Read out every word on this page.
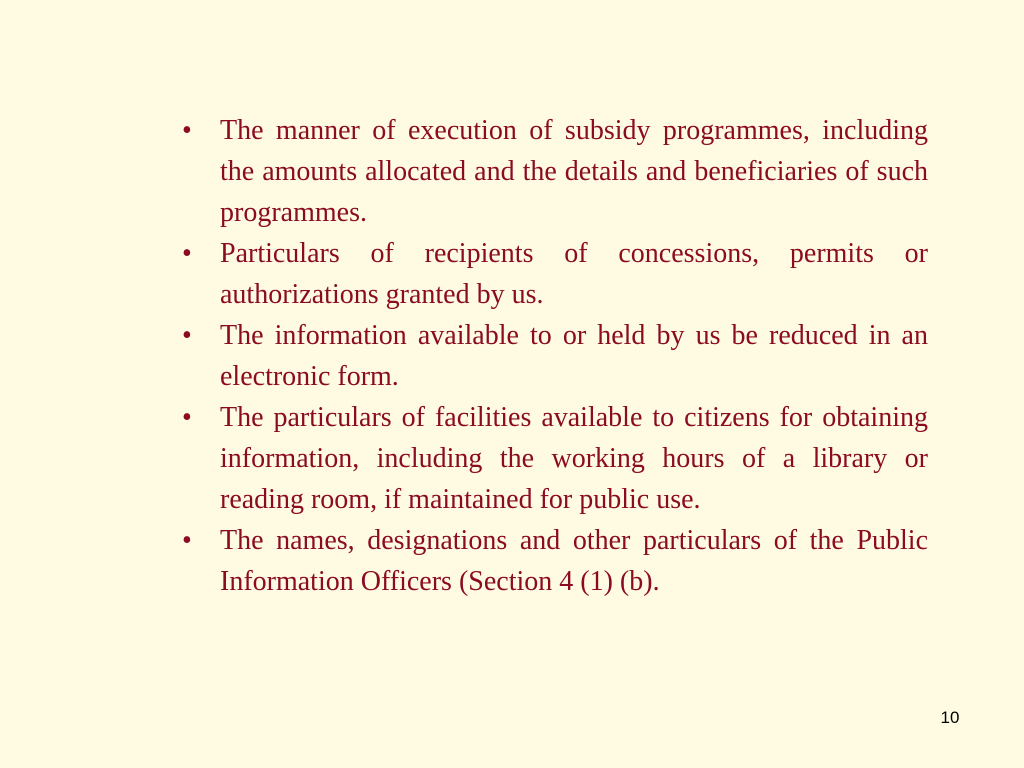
•	The manner of execution of subsidy programmes, including the amounts allocated and the details and beneficiaries of such programmes.
•	Particulars of recipients of concessions, permits or authorizations granted by us.
•	The information available to or held by us be reduced in an electronic form.
•	The particulars of facilities available to citizens for obtaining information, including the working hours of a library or reading room, if maintained for public use.
•	The names, designations and other particulars of the Public Information Officers (Section 4 (1) (b).
10
